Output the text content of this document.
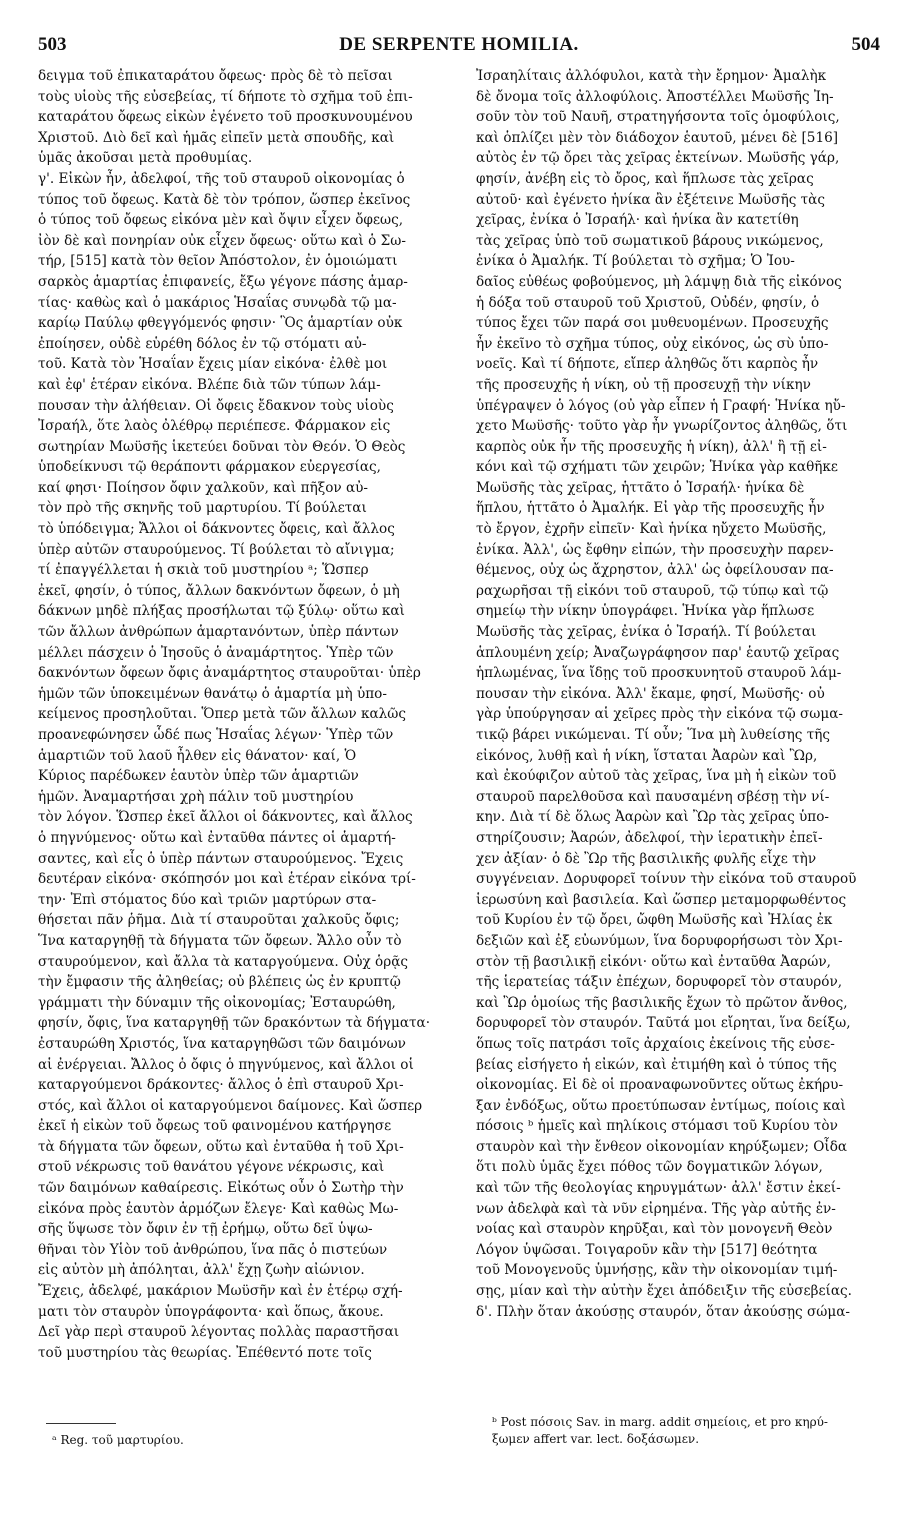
503	DE SERPENTE HOMILIA.	504
δειγμα τοῦ ἐπικαταράτου ὄφεως· πρὸς δὲ τὸ πεῖσαι
τοὺς υἱοὺς τῆς εὐσεβείας, τί δήποτε τὸ σχῆμα τοῦ ἐπι-
καταράτου ὄφεως εἰκὼν ἐγένετο τοῦ προσκυνουμένου
Χριστοῦ. Διὸ δεῖ καὶ ἡμᾶς εἰπεῖν μετὰ σπουδῆς, καὶ
ὑμᾶς ἀκοῦσαι μετὰ προθυμίας.
γ'. Εἰκὼν ἦν, ἀδελφοί, τῆς τοῦ σταυροῦ οἰκονομίας ὁ
τύπος τοῦ ὄφεως. Κατὰ δὲ τὸν τρόπον, ὥσπερ ἐκεῖνος
ὁ τύπος τοῦ ὄφεως εἰκόνα μὲν καὶ ὄψιν εἶχεν ὄφεως,
ἰὸν δὲ καὶ πονηρίαν οὐκ εἶχεν ὄφεως· οὕτω καὶ ὁ Σω-
τήρ, [515] κατὰ τὸν θεῖον Ἀπόστολον, ἐν ὁμοιώματι
σαρκὸς ἁμαρτίας ἐπιφανείς, ἔξω γέγονε πάσης ἁμαρ-
τίας· καθὼς καὶ ὁ μακάριος Ἡσαΐας συνῳδὰ τῷ μα-
καρίῳ Παύλῳ φθεγγόμενός φησιν· Ὃς ἁμαρτίαν οὐκ
ἐποίησεν, οὐδὲ εὑρέθη δόλος ἐν τῷ στόματι αὐ-
τοῦ. Κατὰ τὸν Ἡσαΐαν ἔχεις μίαν εἰκόνα· ἐλθὲ μοι
καὶ ἐφ' ἑτέραν εἰκόνα. Βλέπε διὰ τῶν τύπων λάμ-
πουσαν τὴν ἀλήθειαν. Οἱ ὄφεις ἔδακνον τοὺς υἱοὺς
Ἰσραήλ, ὅτε λαὸς ὀλέθρῳ περιέπεσε. Φάρμακον εἰς
σωτηρίαν Μωϋσῆς ἱκετεύει δοῦναι τὸν Θεόν. Ὁ Θεὸς
ὑποδείκνυσι τῷ θεράποντι φάρμακον εὐεργεσίας,
καί φησι· Ποίησον ὄφιν χαλκοῦν, καὶ πῆξον αὐ-
τὸν πρὸ τῆς σκηνῆς τοῦ μαρτυρίου. Τί βούλεται
τὸ ὑπόδειγμα; Ἄλλοι οἱ δάκνοντες ὄφεις, καὶ ἄλλος
ὑπὲρ αὐτῶν σταυρούμενος. Τί βούλεται τὸ αἴνιγμα;
τί ἐπαγγέλλεται ἡ σκιὰ τοῦ μυστηρίου ᵃ; Ὥσπερ
ἐκεῖ, φησίν, ὁ τύπος, ἄλλων δακνόντων ὄφεων, ὁ μὴ
δάκνων μηδὲ πλήξας προσήλωται τῷ ξύλῳ· οὕτω καὶ
τῶν ἄλλων ἀνθρώπων ἁμαρτανόντων, ὑπὲρ πάντων
μέλλει πάσχειν ὁ Ἰησοῦς ὁ ἀναμάρτητος. Ὑπὲρ τῶν
δακνόντων ὄφεων ὄφις ἀναμάρτητος σταυροῦται· ὑπὲρ
ἡμῶν τῶν ὑποκειμένων θανάτῳ ὁ ἁμαρτία μὴ ὑπο-
κείμενος προσηλοῦται. Ὅπερ μετὰ τῶν ἄλλων καλῶς
προανεφώνησεν ὧδέ πως Ἡσαΐας λέγων· Ὑπὲρ τῶν
ἁμαρτιῶν τοῦ λαοῦ ἦλθεν εἰς θάνατον· καί, Ὁ
Κύριος παρέδωκεν ἑαυτὸν ὑπὲρ τῶν ἁμαρτιῶν
ἡμῶν. Ἀναμαρτήσαι χρὴ πάλιν τοῦ μυστηρίου
τὸν λόγον. Ὥσπερ ἐκεῖ ἄλλοι οἱ δάκνοντες, καὶ ἄλλος
ὁ πηγνύμενος· οὕτω καὶ ἐνταῦθα πάντες οἱ ἁμαρτή-
σαντες, καὶ εἷς ὁ ὑπὲρ πάντων σταυρούμενος. Ἔχεις
δευτέραν εἰκόνα· σκόπησόν μοι καὶ ἑτέραν εἰκόνα τρί-
την· Ἐπὶ στόματος δύο καὶ τριῶν μαρτύρων στα-
θήσεται πᾶν ῥῆμα. Διὰ τί σταυροῦται χαλκοῦς ὄφις;
Ἵνα καταργηθῇ τὰ δήγματα τῶν ὄφεων. Ἄλλο οὖν τὸ
σταυρούμενον, καὶ ἄλλα τὰ καταργούμενα. Οὐχ ὁρᾷς
τὴν ἔμφασιν τῆς ἀληθείας; οὐ βλέπεις ὡς ἐν κρυπτῷ
γράμματι τὴν δύναμιν τῆς οἰκονομίας; Ἐσταυρώθη,
φησίν, ὄφις, ἵνα καταργηθῇ τῶν δρακόντων τὰ δήγματα·
ἐσταυρώθη Χριστός, ἵνα καταργηθῶσι τῶν δαιμόνων
αἱ ἐνέργειαι. Ἄλλος ὁ ὄφις ὁ πηγνύμενος, καὶ ἄλλοι οἱ
καταργούμενοι δράκοντες· ἄλλος ὁ ἐπὶ σταυροῦ Χρι-
στός, καὶ ἄλλοι οἱ καταργούμενοι δαίμονες. Καὶ ὥσπερ
ἐκεῖ ἡ εἰκὼν τοῦ ὄφεως τοῦ φαινομένου κατήργησε
τὰ δήγματα τῶν ὄφεων, οὕτω καὶ ἐνταῦθα ἡ τοῦ Χρι-
στοῦ νέκρωσις τοῦ θανάτου γέγονε νέκρωσις, καὶ
τῶν δαιμόνων καθαίρεσις. Εἰκότως οὖν ὁ Σωτὴρ τὴν
εἰκόνα πρὸς ἑαυτὸν ἁρμόζων ἔλεγε· Καὶ καθὼς Μω-
σῆς ὕψωσε τὸν ὄφιν ἐν τῇ ἐρήμῳ, οὕτω δεῖ ὑψω-
θῆναι τὸν Υἱὸν τοῦ ἀνθρώπου, ἵνα πᾶς ὁ πιστεύων
εἰς αὐτὸν μὴ ἀπόληται, ἀλλ' ἔχῃ ζωὴν αἰώνιον.
Ἔχεις, ἀδελφέ, μακάριον Μωϋσῆν καὶ ἐν ἑτέρῳ σχή-
ματι τὸν σταυρὸν ὑπογράφοντα· καὶ ὅπως, ἄκουε.
Δεῖ γὰρ περὶ σταυροῦ λέγοντας πολλὰς παραστῆσαι
τοῦ μυστηρίου τὰς θεωρίας. Ἐπέθεντό ποτε τοῖς
Ἰσραηλίταις ἀλλόφυλοι, κατὰ τὴν ἔρημον· Ἀμαλὴκ
δὲ ὄνομα τοῖς ἀλλοφύλοις. Ἀποστέλλει Μωϋσῆς Ἰη-
σοῦν τὸν τοῦ Ναυῆ, στρατηγήσοντα τοῖς ὁμοφύλοις,
καὶ ὁπλίζει μὲν τὸν διάδοχον ἑαυτοῦ, μένει δὲ [516]
αὐτὸς ἐν τῷ ὄρει τὰς χεῖρας ἐκτείνων. Μωϋσῆς γάρ,
φησίν, ἀνέβη εἰς τὸ ὄρος, καὶ ἥπλωσε τὰς χεῖρας
αὐτοῦ· καὶ ἐγένετο ἡνίκα ἂν ἐξέτεινε Μωϋσῆς τὰς
χεῖρας, ἐνίκα ὁ Ἰσραήλ· καὶ ἡνίκα ἂν κατετίθη
τὰς χεῖρας ὑπὸ τοῦ σωματικοῦ βάρους νικώμενος,
ἐνίκα ὁ Ἀμαλήκ. Τί βούλεται τὸ σχῆμα; Ὁ Ἰου-
δαῖος εὐθέως φοβούμενος, μὴ λάμψῃ διὰ τῆς εἰκόνος
ἡ δόξα τοῦ σταυροῦ τοῦ Χριστοῦ, Οὐδέν, φησίν, ὁ
τύπος ἔχει τῶν παρά σοι μυθευομένων. Προσευχῆς
ἦν ἐκεῖνο τὸ σχῆμα τύπος, οὐχ εἰκόνος, ὡς σὺ ὑπο-
νοεῖς. Καὶ τί δήποτε, εἴπερ ἀληθῶς ὅτι καρπὸς ἦν
τῆς προσευχῆς ἡ νίκη, οὐ τῇ προσευχῇ τὴν νίκην
ὑπέγραψεν ὁ λόγος (οὐ γὰρ εἶπεν ἡ Γραφή· Ἡνίκα ηὔ-
χετο Μωϋσῆς· τοῦτο γὰρ ἦν γνωρίζοντος ἀληθῶς, ὅτι
καρπὸς οὐκ ἦν τῆς προσευχῆς ἡ νίκη), ἀλλ' ἢ τῇ εἰ-
κόνι καὶ τῷ σχήματι τῶν χειρῶν; Ἡνίκα γὰρ καθῆκε
Μωϋσῆς τὰς χεῖρας, ἡττᾶτο ὁ Ἰσραήλ· ἡνίκα δὲ
ἥπλου, ἡττᾶτο ὁ Ἀμαλήκ. Εἰ γὰρ τῆς προσευχῆς ἦν
τὸ ἔργον, ἐχρῆν εἰπεῖν· Καὶ ἡνίκα ηὔχετο Μωϋσῆς,
ἐνίκα. Ἀλλ', ὡς ἔφθην εἰπών, τὴν προσευχὴν παρεν-
θέμενος, οὐχ ὡς ἄχρηστον, ἀλλ' ὡς ὀφείλουσαν πα-
ραχωρῆσαι τῇ εἰκόνι τοῦ σταυροῦ, τῷ τύπῳ καὶ τῷ
σημείῳ τὴν νίκην ὑπογράφει. Ἡνίκα γὰρ ἥπλωσε
Μωϋσῆς τὰς χεῖρας, ἐνίκα ὁ Ἰσραήλ. Τί βούλεται
ἁπλουμένη χείρ; Ἀναζωγράφησον παρ' ἑαυτῷ χεῖρας
ἡπλωμένας, ἵνα ἴδῃς τοῦ προσκυνητοῦ σταυροῦ λάμ-
πουσαν τὴν εἰκόνα. Ἀλλ' ἔκαμε, φησί, Μωϋσῆς· οὐ
γὰρ ὑπούργησαν αἱ χεῖρες πρὸς τὴν εἰκόνα τῷ σωμα-
τικῷ βάρει νικώμεναι. Τί οὖν; Ἵνα μὴ λυθείσης τῆς
εἰκόνος, λυθῇ καὶ ἡ νίκη, ἵσταται Ἀαρὼν καὶ Ὢρ,
καὶ ἐκούφιζον αὐτοῦ τὰς χεῖρας, ἵνα μὴ ἡ εἰκὼν τοῦ
σταυροῦ παρελθοῦσα καὶ παυσαμένη σβέσῃ τὴν νί-
κην. Διὰ τί δὲ ὅλως Ἀαρὼν καὶ Ὢρ τὰς χεῖρας ὑπο-
στηρίζουσιν; Ἀαρών, ἀδελφοί, τὴν ἱερατικὴν ἐπεῖ-
χεν ἀξίαν· ὁ δὲ Ὢρ τῆς βασιλικῆς φυλῆς εἶχε τὴν
συγγένειαν. Δορυφορεῖ τοίνυν τὴν εἰκόνα τοῦ σταυροῦ
ἱερωσύνη καὶ βασιλεία. Καὶ ὥσπερ μεταμορφωθέντος
τοῦ Κυρίου ἐν τῷ ὄρει, ὤφθη Μωϋσῆς καὶ Ἠλίας ἐκ
δεξιῶν καὶ ἐξ εὐωνύμων, ἵνα δορυφορήσωσι τὸν Χρι-
στὸν τῇ βασιλικῇ εἰκόνι· οὕτω καὶ ἐνταῦθα Ἀαρών,
τῆς ἱερατείας τάξιν ἐπέχων, δορυφορεῖ τὸν σταυρόν,
καὶ Ὢρ ὁμοίως τῆς βασιλικῆς ἔχων τὸ πρῶτον ἄνθος,
δορυφορεῖ τὸν σταυρόν. Ταῦτά μοι εἴρηται, ἵνα δείξω,
ὅπως τοῖς πατράσι τοῖς ἀρχαίοις ἐκείνοις τῆς εὐσε-
βείας εἰσήγετο ἡ εἰκών, καὶ ἐτιμήθη καὶ ὁ τύπος τῆς
οἰκονομίας. Εἰ δὲ οἱ προαναφωνοῦντες οὕτως ἐκήρυ-
ξαν ἐνδόξως, οὕτω προετύπωσαν ἐντίμως, ποίοις καὶ
πόσοις ᵇ ἡμεῖς καὶ πηλίκοις στόμασι τοῦ Κυρίου τὸν
σταυρὸν καὶ τὴν ἔνθεον οἰκονομίαν κηρύξωμεν; Οἶδα
ὅτι πολὺ ὑμᾶς ἔχει πόθος τῶν δογματικῶν λόγων,
καὶ τῶν τῆς θεολογίας κηρυγμάτων· ἀλλ' ἔστιν ἐκεί-
νων ἀδελφὰ καὶ τὰ νῦν εἰρημένα. Τῆς γὰρ αὐτῆς ἐν-
νοίας καὶ σταυρὸν κηρῦξαι, καὶ τὸν μονογενῆ Θεὸν
Λόγον ὑψῶσαι. Τοιγαροῦν κἂν τὴν [517] θεότητα
τοῦ Μονογενοῦς ὑμνήσῃς, κἂν τὴν οἰκονομίαν τιμή-
σῃς, μίαν καὶ τὴν αὐτὴν ἔχει ἀπόδειξιν τῆς εὐσεβείας.
δ'. Πλὴν ὅταν ἀκούσῃς σταυρόν, ὅταν ἀκούσῃς σώμα-
ᵃ Reg. τοῦ μαρτυρίου.
ᵇ Post πόσοις Sav. in marg. addit σημείοις, et pro κηρύ-
ξωμεν affert var. lect. δοξάσωμεν.
